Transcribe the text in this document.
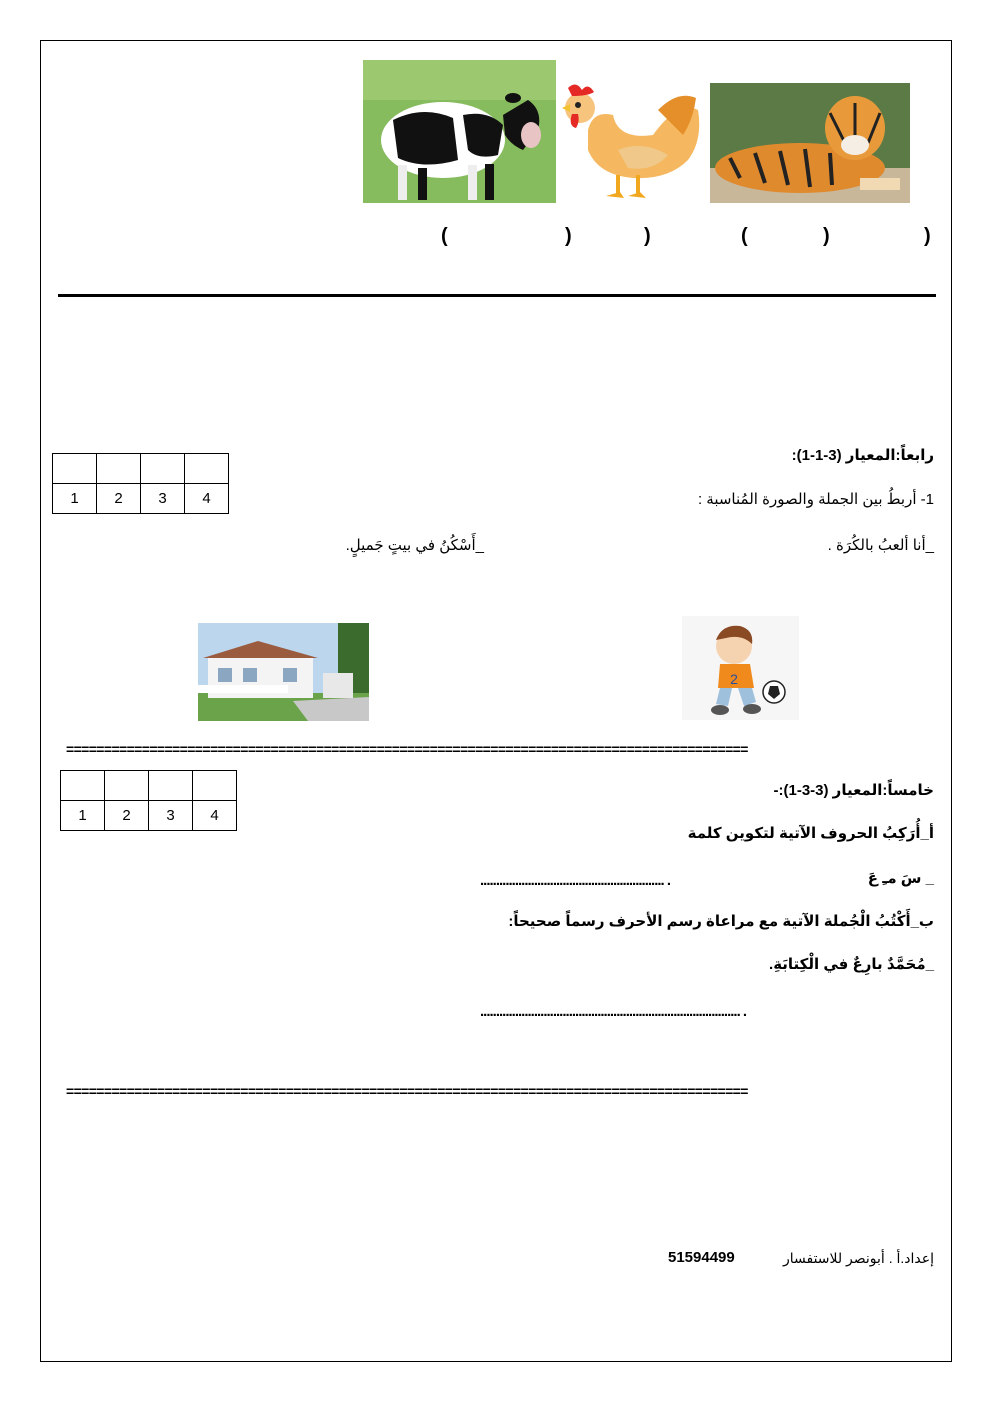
(	)	)	(	)	)
رابعاً:المعيار (3-1-1):
1- أربطُ بين الجملة والصورة المُناسبة :
_أنا ألعبُ بالكُرَة .
_أَسْكُنُ في بيتٍ جَميلٍ.

1	2	3	4
2
==========================================================================================
خامساً:المعيار (3-3-1):-

1	2	3	4
أ_أُرَكِبُ الحروف الآتية لتكوين كلمة
_ سَ مـِ عَ
.......................................................... .
ب_أَكْتُبُ الْجُملة الآتية مع مراعاة رسم الأحرف رسماً صحيحاً:
_مُحَمَّدٌ بارِعٌ في الْكِتابَةِ.
.................................................................................. .
==========================================================================================
إعداد.أ . أبونصر للاستفسار
51594499
